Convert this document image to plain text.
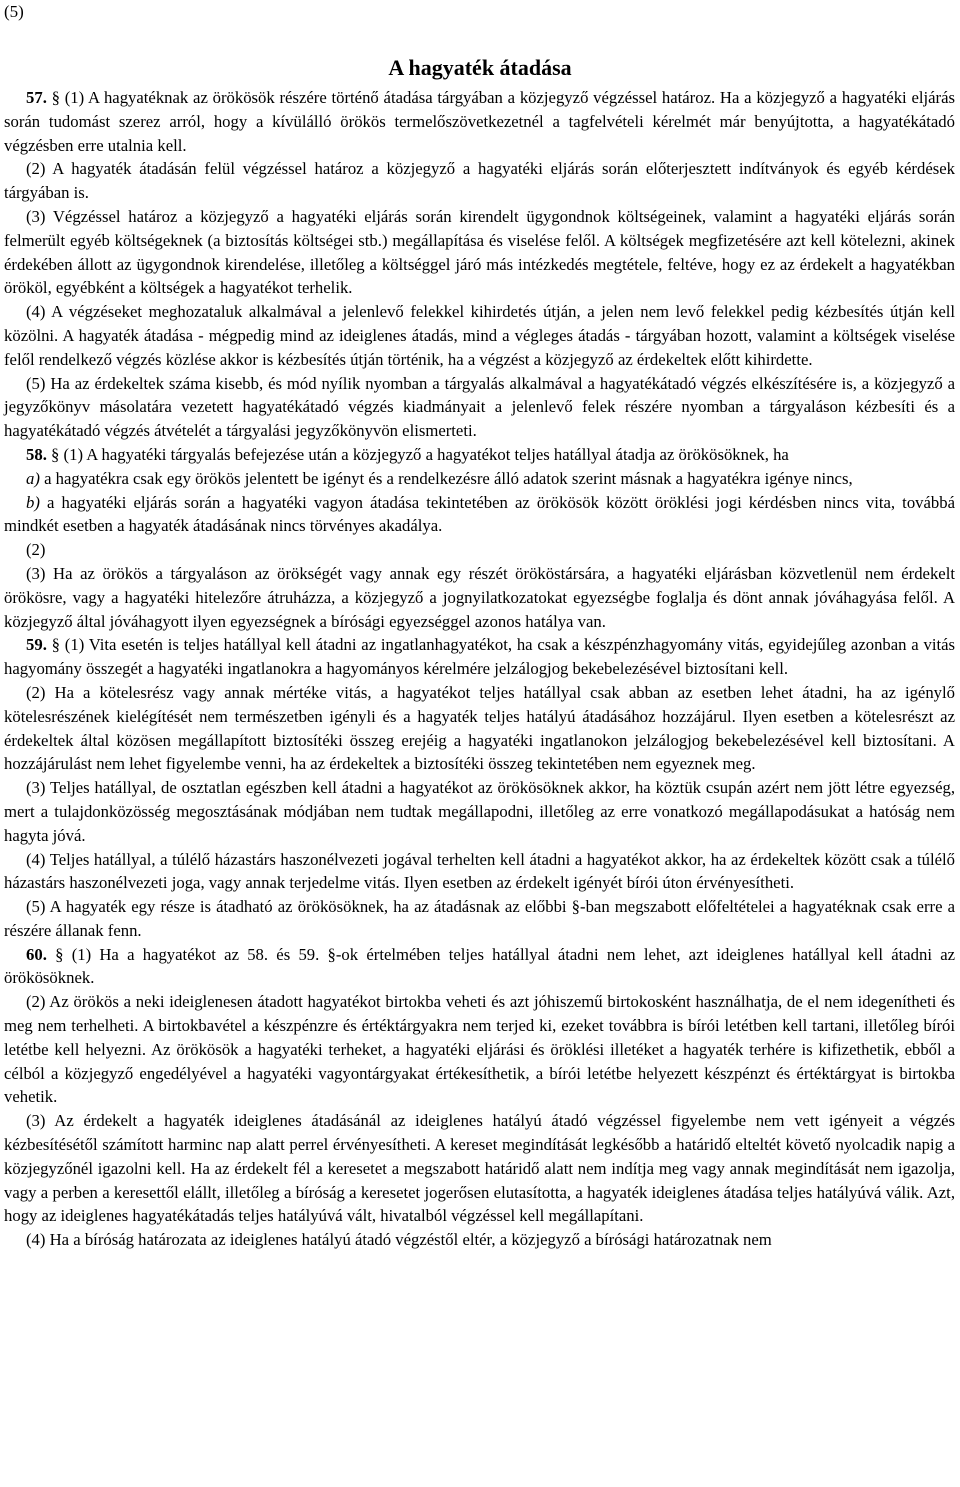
(5)
A hagyaték átadása

57. § (1) A hagyatéknak az örökösök részére történő átadása tárgyában a közjegyző végzéssel határoz. Ha a közjegyző a hagyatéki eljárás során tudomást szerez arról, hogy a kívülálló örökös termelőszövetkezetnél a tagfelvételi kérelmét már benyújtotta, a hagyatékátadó végzésben erre utalnia kell.

(2) A hagyaték átadásán felül végzéssel határoz a közjegyző a hagyatéki eljárás során előterjesztett indítványok és egyéb kérdések tárgyában is.

(3) Végzéssel határoz a közjegyző a hagyatéki eljárás során kirendelt ügygondnok költségeinek, valamint a hagyatéki eljárás során felmerült egyéb költségeknek (a biztosítás költségei stb.) megállapítása és viselése felől. A költségek megfizetésére azt kell kötelezni, akinek érdekében állott az ügygondnok kirendelése, illetőleg a költséggel járó más intézkedés megtétele, feltéve, hogy ez az érdekelt a hagyatékban örököl, egyébként a költségek a hagyatékot terhelik.

(4) A végzéseket meghozataluk alkalmával a jelenlevő felekkel kihirdetés útján, a jelen nem levő felekkel pedig kézbesítés útján kell közölni. A hagyaték átadása - mégpedig mind az ideiglenes átadás, mind a végleges átadás - tárgyában hozott, valamint a költségek viselése felől rendelkező végzés közlése akkor is kézbesítés útján történik, ha a végzést a közjegyző az érdekeltek előtt kihirdette.

(5) Ha az érdekeltek száma kisebb, és mód nyílik nyomban a tárgyalás alkalmával a hagyatékátadó végzés elkészítésére is, a közjegyző a jegyzőkönyv másolatára vezetett hagyatékátadó végzés kiadmányait a jelenlevő felek részére nyomban a tárgyaláson kézbesíti és a hagyatékátadó végzés átvételét a tárgyalási jegyzőkönyvön elismerteti.

58. § (1) A hagyatéki tárgyalás befejezése után a közjegyző a hagyatékot teljes hatállyal átadja az örökösöknek, ha

a) a hagyatékra csak egy örökös jelentett be igényt és a rendelkezésre álló adatok szerint másnak a hagyatékra igénye nincs,

b) a hagyatéki eljárás során a hagyatéki vagyon átadása tekintetében az örökösök között öröklési jogi kérdésben nincs vita, továbbá mindkét esetben a hagyaték átadásának nincs törvényes akadálya.

(2)

(3) Ha az örökös a tárgyaláson az örökségét vagy annak egy részét örököstársára, a hagyatéki eljárásban közvetlenül nem érdekelt örökösre, vagy a hagyatéki hitelezőre átruházza, a közjegyző a jognyilatkozatokat egyezségbe foglalja és dönt annak jóváhagyása felől. A közjegyző által jóváhagyott ilyen egyezségnek a bírósági egyezséggel azonos hatálya van.

59. § (1) Vita esetén is teljes hatállyal kell átadni az ingatlanhagyatékot, ha csak a készpénzhagyomány vitás, egyidejűleg azonban a vitás hagyomány összegét a hagyatéki ingatlanokra a hagyományos kérelmére jelzálogjog bekebelezésével biztosítani kell.

(2) Ha a kötelesrész vagy annak mértéke vitás, a hagyatékot teljes hatállyal csak abban az esetben lehet átadni, ha az igénylő kötelesrészének kielégítését nem természetben igényli és a hagyaték teljes hatályú átadásához hozzájárul. Ilyen esetben a kötelesrészt az érdekeltek által közösen megállapított biztosítéki összeg erejéig a hagyatéki ingatlanokon jelzálogjog bekebelezésével kell biztosítani. A hozzájárulást nem lehet figyelembe venni, ha az érdekeltek a biztosítéki összeg tekintetében nem egyeznek meg.

(3) Teljes hatállyal, de osztatlan egészben kell átadni a hagyatékot az örökösöknek akkor, ha köztük csupán azért nem jött létre egyezség, mert a tulajdonközösség megosztásának módjában nem tudtak megállapodni, illetőleg az erre vonatkozó megállapodásukat a hatóság nem hagyta jóvá.

(4) Teljes hatállyal, a túlélő házastárs haszonélvezeti jogával terhelten kell átadni a hagyatékot akkor, ha az érdekeltek között csak a túlélő házastárs haszonélvezeti joga, vagy annak terjedelme vitás. Ilyen esetben az érdekelt igényét bírói úton érvényesítheti.

(5) A hagyaték egy része is átadható az örökösöknek, ha az átadásnak az előbbi §-ban megszabott előfeltételei a hagyatéknak csak erre a részére állanak fenn.

60. § (1) Ha a hagyatékot az 58. és 59. §-ok értelmében teljes hatállyal átadni nem lehet, azt ideiglenes hatállyal kell átadni az örökösöknek.

(2) Az örökös a neki ideiglenesen átadott hagyatékot birtokba veheti és azt jóhiszemű birtokosként használhatja, de el nem idegenítheti és meg nem terhelheti. A birtokbavétel a készpénzre és értéktárgyakra nem terjed ki, ezeket továbbra is bírói letétben kell tartani, illetőleg bírói letétbe kell helyezni. Az örökösök a hagyatéki terheket, a hagyatéki eljárási és öröklési illetéket a hagyaték terhére is kifizethetik, ebből a célból a közjegyző engedélyével a hagyatéki vagyontárgyakat értékesíthetik, a bírói letétbe helyezett készpénzt és értéktárgyat is birtokba vehetik.

(3) Az érdekelt a hagyaték ideiglenes átadásánál az ideiglenes hatályú átadó végzéssel figyelembe nem vett igényeit a végzés kézbesítésétől számított harminc nap alatt perrel érvényesítheti. A kereset megindítását legkésőbb a határidő elteltét követő nyolcadik napig a közjegyzőnél igazolni kell. Ha az érdekelt fél a keresetet a megszabott határidő alatt nem indítja meg vagy annak megindítását nem igazolja, vagy a perben a keresettől elállt, illetőleg a bíróság a keresetet jogerősen elutasította, a hagyaték ideiglenes átadása teljes hatályúvá válik. Azt, hogy az ideiglenes hagyatékátadás teljes hatályúvá vált, hivatalból végzéssel kell megállapítani.

(4) Ha a bíróság határozata az ideiglenes hatályú átadó végzéstől eltér, a közjegyző a bírósági határozatnak nem
